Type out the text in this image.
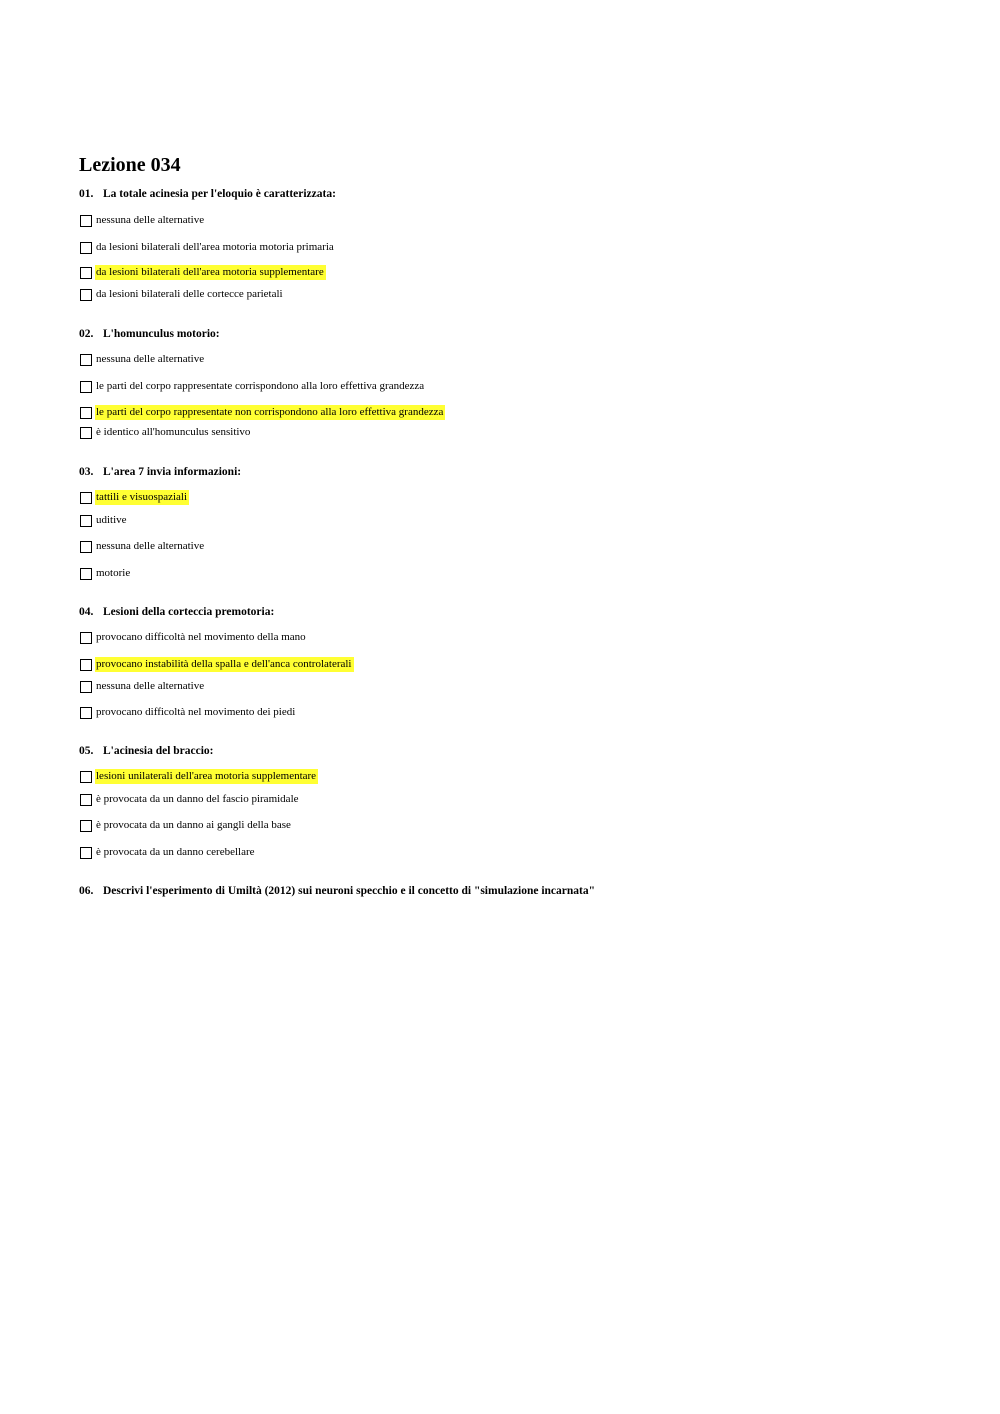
Lezione 034
01. La totale acinesia per l'eloquio è caratterizzata:
nessuna delle alternative
da lesioni bilaterali dell'area motoria motoria primaria
da lesioni bilaterali dell'area motoria supplementare
da lesioni bilaterali delle cortecce parietali
02. L'homunculus motorio:
nessuna delle alternative
le parti del corpo rappresentate corrispondono alla loro effettiva grandezza
le parti del corpo rappresentate non corrispondono alla loro effettiva grandezza
è identico all'homunculus sensitivo
03. L'area 7 invia informazioni:
tattili e visuospaziali
uditive
nessuna delle alternative
motorie
04. Lesioni della corteccia premotoria:
provocano difficoltà nel movimento della mano
provocano instabilità della spalla e dell'anca controlaterali
nessuna delle alternative
provocano difficoltà nel movimento dei piedi
05. L'acinesia del braccio:
lesioni unilaterali dell'area motoria supplementare
è provocata da un danno del fascio piramidale
è provocata da un danno ai gangli della base
è provocata da un danno cerebellare
06. Descrivi l'esperimento di Umiltà (2012) sui neuroni specchio e il concetto di "simulazione incarnata"
